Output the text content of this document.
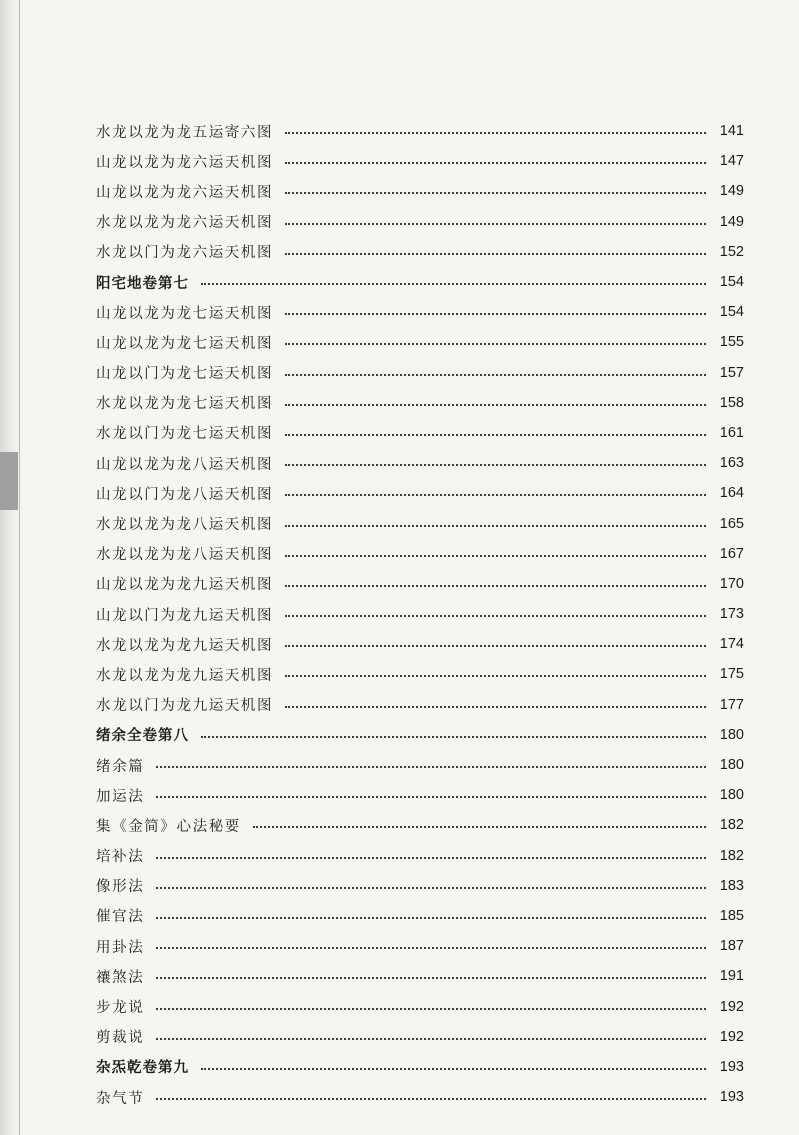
水龙以龙为龙五运寄六图	141
山龙以龙为龙六运天机图	147
山龙以龙为龙六运天机图	149
水龙以龙为龙六运天机图	149
水龙以门为龙六运天机图	152
阳宅地卷第七	154
山龙以龙为龙七运天机图	154
山龙以龙为龙七运天机图	155
山龙以门为龙七运天机图	157
水龙以龙为龙七运天机图	158
水龙以门为龙七运天机图	161
山龙以龙为龙八运天机图	163
山龙以门为龙八运天机图	164
水龙以龙为龙八运天机图	165
水龙以龙为龙八运天机图	167
山龙以龙为龙九运天机图	170
山龙以门为龙九运天机图	173
水龙以龙为龙九运天机图	174
水龙以龙为龙九运天机图	175
水龙以门为龙九运天机图	177
绪余全卷第八	180
绪余篇	180
加运法	180
集《金简》心法秘要	182
培补法	182
像形法	183
催官法	185
用卦法	187
禳煞法	191
步龙说	192
剪裁说	192
杂炁乾卷第九	193
杂气节	193
